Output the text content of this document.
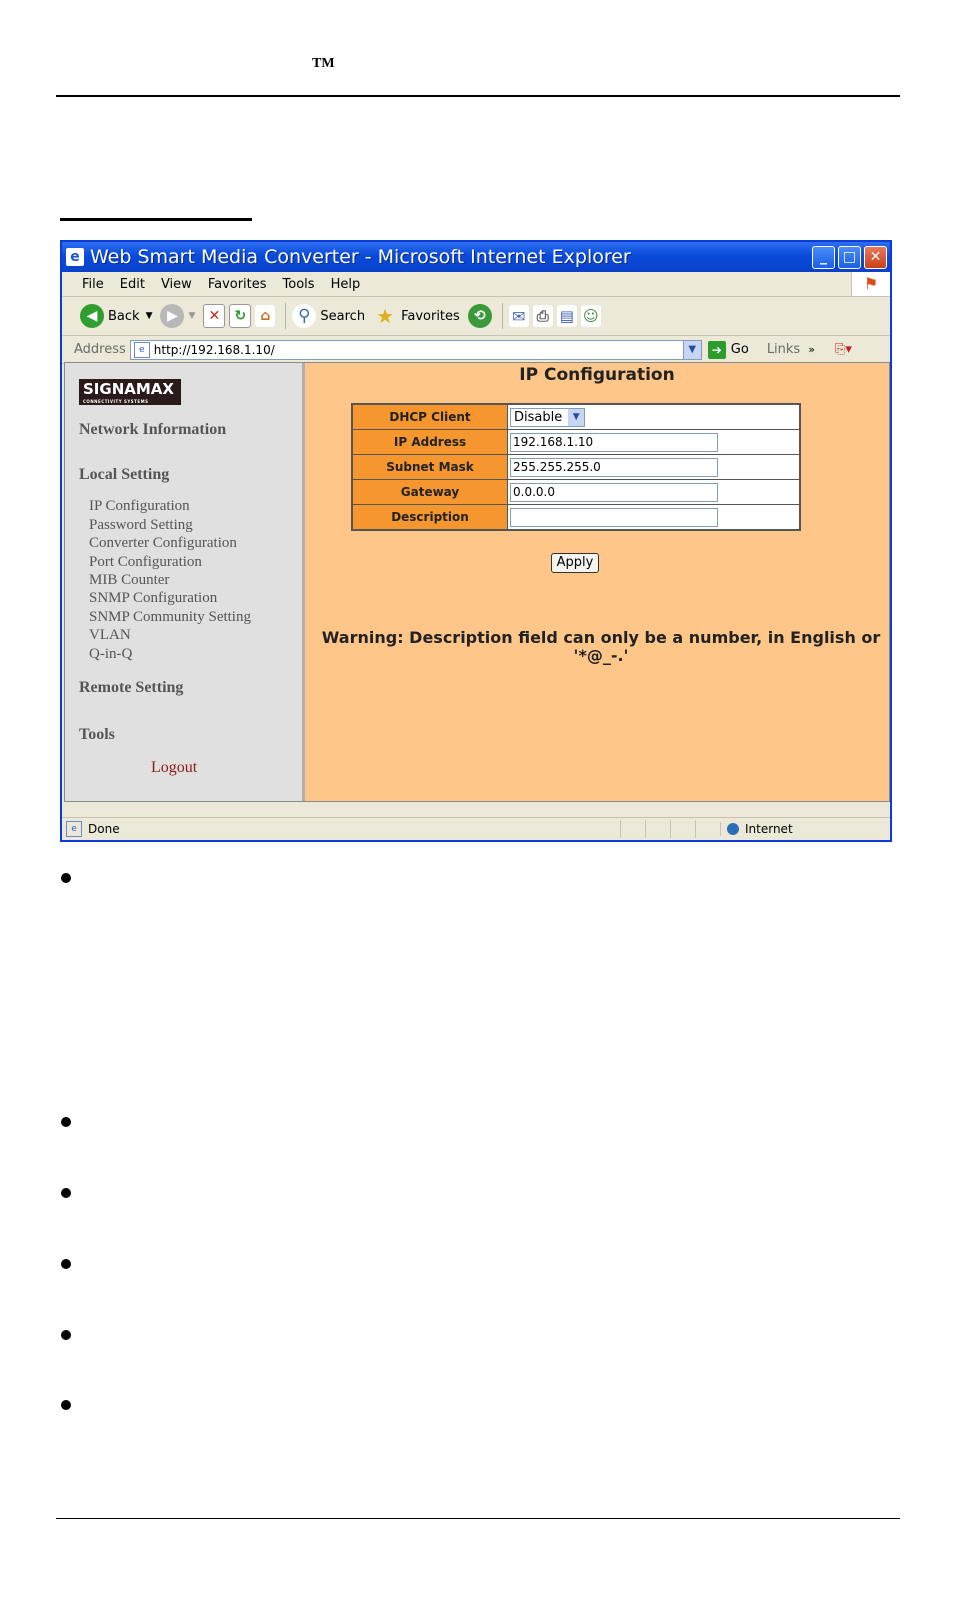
TM
e Web Smart Media Converter - Microsoft Internet Explorer	_	□ ✕
File Edit View Favorites Tools Help	⚑
◀ Back ▼	▶	▼ ✕	↻	⌂	⚲ Search ★ Favorites	⟲	✉ ⎙ ▤ ☺
Address	e http://192.168.1.10/	▼	➔ Go Links » ⎘▾
SIGNAMAX
CONNECTIVITY SYSTEMS
Network Information
Local Setting
IP Configuration
Password Setting
Converter Configuration
Port Configuration
MIB Counter
SNMP Configuration
SNMP Community Setting
VLAN
Q-in-Q
Remote Setting
Tools
Logout
IP Configuration
DHCP Client	Disable ▼

IP Address	192.168.1.10
Subnet Mask	255.255.255.0
Gateway	0.0.0.0
Description	
Apply
Warning: Description field can only be a number, in English or
'*@_-.'
e Done	Internet
